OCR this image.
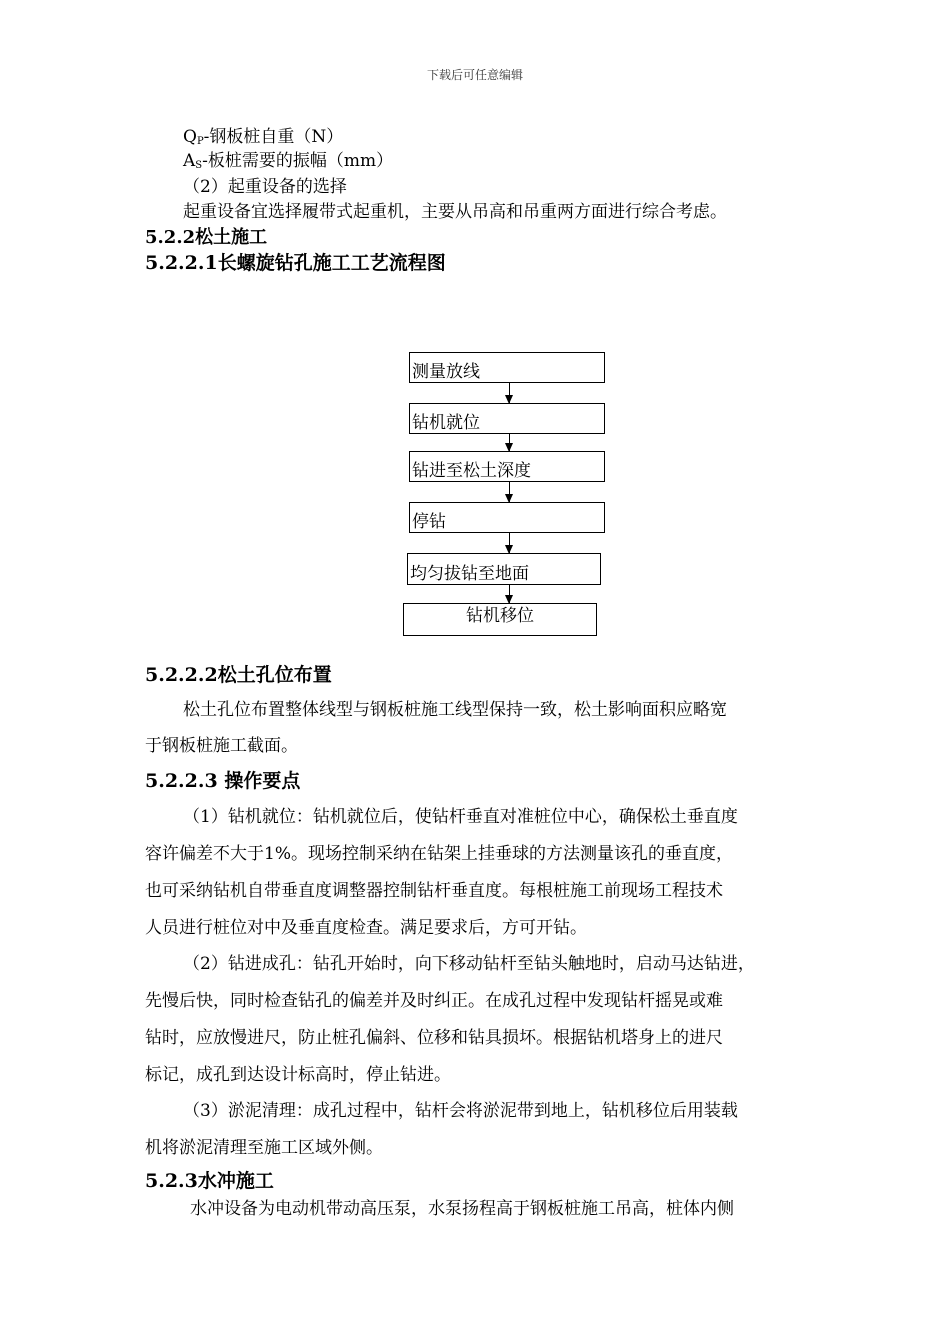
下载后可任意编辑
$Q_P-$钢板桩自重（N）
$A_S-$板桩需要的振幅（mm）
（2）起重设备的选择
起重设备宜选择履带式起重机，主要从吊高和吊重两方面进行综合考虑。
5.2.2松土施工
5.2.2.1长螺旋钻孔施工工艺流程图
测量放线
钻机就位
钻进至松土深度
停钻
均匀拔钻至地面
钻机移位
5.2.2.2松土孔位布置
松土孔位布置整体线型与钢板桩施工线型保持一致，松土影响面积应略宽
于钢板桩施工截面。
5.2.2.3 操作要点
（1）钻机就位：钻机就位后，使钻杆垂直对准桩位中心，确保松土垂直度
容许偏差不大于1%。现场控制采纳在钻架上挂垂球的方法测量该孔的垂直度，
也可采纳钻机自带垂直度调整器控制钻杆垂直度。每根桩施工前现场工程技术
人员进行桩位对中及垂直度检查。满足要求后，方可开钻。
（2）钻进成孔：钻孔开始时，向下移动钻杆至钻头触地时，启动马达钻进，
先慢后快，同时检查钻孔的偏差并及时纠正。在成孔过程中发现钻杆摇晃或难
钻时，应放慢进尺，防止桩孔偏斜、位移和钻具损坏。根据钻机塔身上的进尺
标记，成孔到达设计标高时，停止钻进。
（3）淤泥清理：成孔过程中，钻杆会将淤泥带到地上，钻机移位后用装载
机将淤泥清理至施工区域外侧。
5.2.3水冲施工
水冲设备为电动机带动高压泵，水泵扬程高于钢板桩施工吊高，桩体内侧
